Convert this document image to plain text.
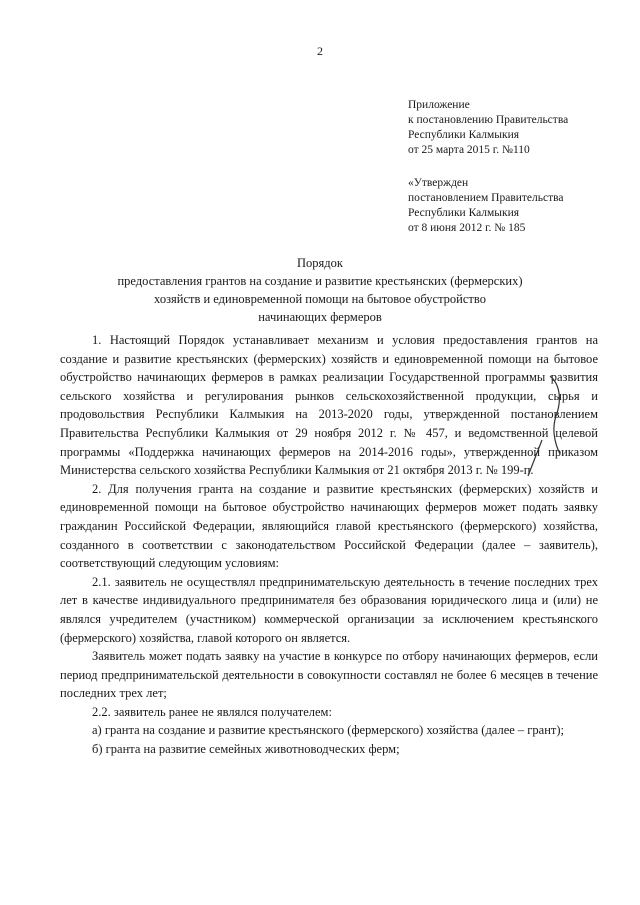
2
Приложение
к постановлению Правительства
Республики Калмыкия
от 25 марта 2015 г. №110
«Утвержден
постановлением Правительства
Республики Калмыкия
от 8 июня 2012 г. № 185
Порядок
предоставления грантов на создание и развитие крестьянских (фермерских)
хозяйств и единовременной помощи на бытовое обустройство
начинающих фермеров

1. Настоящий Порядок устанавливает механизм и условия предоставления грантов на создание и развитие крестьянских (фермерских) хозяйств и единовременной помощи на бытовое обустройство начинающих фермеров в рамках реализации Государственной программы развития сельского хозяйства и регулирования рынков сельскохозяйственной продукции, сырья и продовольствия Республики Калмыкия на 2013-2020 годы, утвержденной постановлением Правительства Республики Калмыкия от 29 ноября 2012 г. № 457, и ведомственной целевой программы «Поддержка начинающих фермеров на 2014-2016 годы», утвержденной приказом Министерства сельского хозяйства Республики Калмыкия от 21 октября 2013 г. № 199-п.

2. Для получения гранта на создание и развитие крестьянских (фермерских) хозяйств и единовременной помощи на бытовое обустройство начинающих фермеров может подать заявку гражданин Российской Федерации, являющийся главой крестьянского (фермерского) хозяйства, созданного в соответствии с законодательством Российской Федерации (далее – заявитель), соответствующий следующим условиям:

2.1. заявитель не осуществлял предпринимательскую деятельность в течение последних трех лет в качестве индивидуального предпринимателя без образования юридического лица и (или) не являлся учредителем (участником) коммерческой организации за исключением крестьянского (фермерского) хозяйства, главой которого он является.

Заявитель может подать заявку на участие в конкурсе по отбору начинающих фермеров, если период предпринимательской деятельности в совокупности составлял не более 6 месяцев в течение последних трех лет;

2.2. заявитель ранее не являлся получателем:

а) гранта на создание и развитие крестьянского (фермерского) хозяйства (далее – грант);

б) гранта на развитие семейных животноводческих ферм;
